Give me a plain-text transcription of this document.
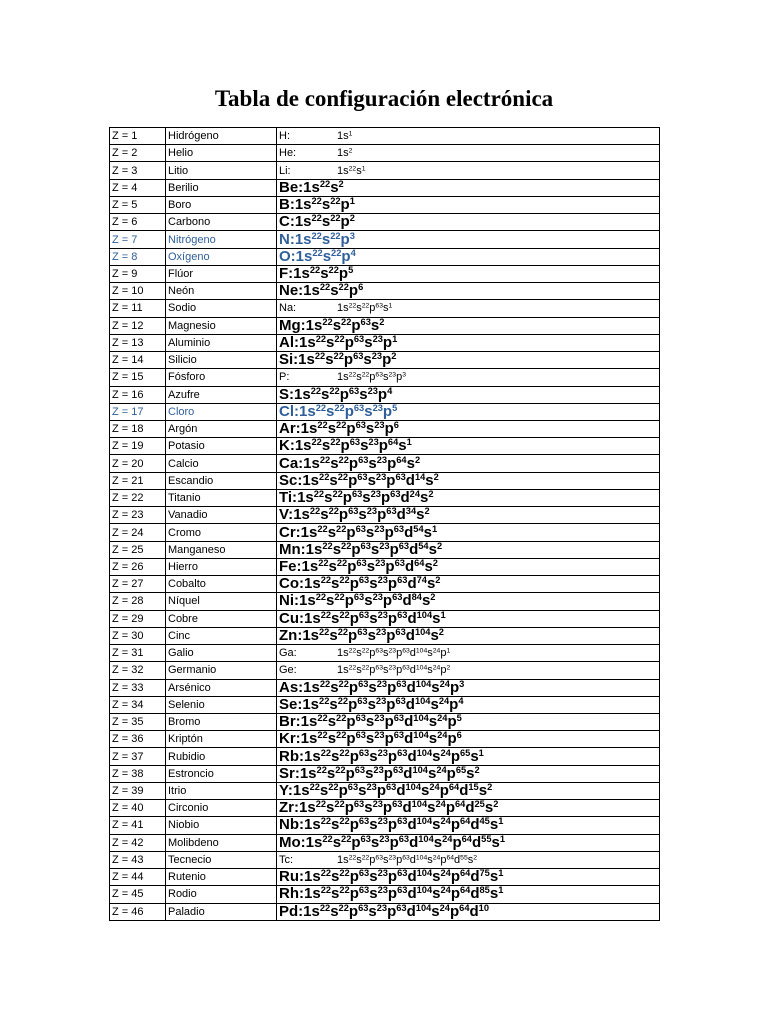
Tabla de configuración electrónica
Z = 1	Hidrógeno	H: $1s^1$
Z = 2	Helio	He: $1s^2$
Z = 3	Litio	Li: $1s^{22}s^1$
Z = 4	Berilio	$Be:1s^{22}s^2$
Z = 5	Boro	$B:1s^{22}s^{22}p^1$
Z = 6	Carbono	$C:1s^{22}s^{22}p^2$
Z = 7	Nitrógeno	$N:1s^{22}s^{22}p^3$
Z = 8	Oxígeno	$O:1s^{22}s^{22}p^4$
Z = 9	Flúor	$F:1s^{22}s^{22}p^5$
Z = 10	Neón	$Ne:1s^{22}s^{22}p^6$
Z = 11	Sodio	Na: $1s^{22}s^{22}p^{63}s^1$
Z = 12	Magnesio	$Mg:1s^{22}s^{22}p^{63}s^2$
Z = 13	Aluminio	$Al:1s^{22}s^{22}p^{63}s^{23}p^1$
Z = 14	Silicio	$Si:1s^{22}s^{22}p^{63}s^{23}p^2$
Z = 15	Fósforo	P: $1s^{22}s^{22}p^{63}s^{23}p^3$
Z = 16	Azufre	$S:1s^{22}s^{22}p^{63}s^{23}p^4$
Z = 17	Cloro	$Cl:1s^{22}s^{22}p^{63}s^{23}p^5$
Z = 18	Argón	$Ar:1s^{22}s^{22}p^{63}s^{23}p^6$
Z = 19	Potasio	$K:1s^{22}s^{22}p^{63}s^{23}p^{64}s^1$
Z = 20	Calcio	$Ca:1s^{22}s^{22}p^{63}s^{23}p^{64}s^2$
Z = 21	Escandio	$Sc:1s^{22}s^{22}p^{63}s^{23}p^{63}d^{14}s^2$
Z = 22	Titanio	$Ti:1s^{22}s^{22}p^{63}s^{23}p^{63}d^{24}s^2$
Z = 23	Vanadio	$V:1s^{22}s^{22}p^{63}s^{23}p^{63}d^{34}s^2$
Z = 24	Cromo	$Cr:1s^{22}s^{22}p^{63}s^{23}p^{63}d^{54}s^1$
Z = 25	Manganeso	$Mn:1s^{22}s^{22}p^{63}s^{23}p^{63}d^{54}s^2$
Z = 26	Hierro	$Fe:1s^{22}s^{22}p^{63}s^{23}p^{63}d^{64}s^2$
Z = 27	Cobalto	$Co:1s^{22}s^{22}p^{63}s^{23}p^{63}d^{74}s^2$
Z = 28	Níquel	$Ni:1s^{22}s^{22}p^{63}s^{23}p^{63}d^{84}s^2$
Z = 29	Cobre	$Cu:1s^{22}s^{22}p^{63}s^{23}p^{63}d^{104}s^1$
Z = 30	Cinc	$Zn:1s^{22}s^{22}p^{63}s^{23}p^{63}d^{104}s^2$
Z = 31	Galio	Ga: $1s^{22}s^{22}p^{63}s^{23}p^{63}d^{104}s^{24}p^1$
Z = 32	Germanio	Ge: $1s^{22}s^{22}p^{63}s^{23}p^{63}d^{104}s^{24}p^2$
Z = 33	Arsénico	$As:1s^{22}s^{22}p^{63}s^{23}p^{63}d^{104}s^{24}p^3$
Z = 34	Selenio	$Se:1s^{22}s^{22}p^{63}s^{23}p^{63}d^{104}s^{24}p^4$
Z = 35	Bromo	$Br:1s^{22}s^{22}p^{63}s^{23}p^{63}d^{104}s^{24}p^5$
Z = 36	Kriptón	$Kr:1s^{22}s^{22}p^{63}s^{23}p^{63}d^{104}s^{24}p^6$
Z = 37	Rubidio	$Rb:1s^{22}s^{22}p^{63}s^{23}p^{63}d^{104}s^{24}p^{65}s^1$
Z = 38	Estroncio	$Sr:1s^{22}s^{22}p^{63}s^{23}p^{63}d^{104}s^{24}p^{65}s^2$
Z = 39	Itrio	$Y:1s^{22}s^{22}p^{63}s^{23}p^{63}d^{104}s^{24}p^{64}d^{15}s^2$
Z = 40	Circonio	$Zr:1s^{22}s^{22}p^{63}s^{23}p^{63}d^{104}s^{24}p^{64}d^{25}s^2$
Z = 41	Niobio	$Nb:1s^{22}s^{22}p^{63}s^{23}p^{63}d^{104}s^{24}p^{64}d^{45}s^1$
Z = 42	Molibdeno	$Mo:1s^{22}s^{22}p^{63}s^{23}p^{63}d^{104}s^{24}p^{64}d^{55}s^1$
Z = 43	Tecnecio	Tc: $1s^{22}s^{22}p^{63}s^{23}p^{63}d^{104}s^{24}p^{64}d^{55}s^2$
Z = 44	Rutenio	$Ru:1s^{22}s^{22}p^{63}s^{23}p^{63}d^{104}s^{24}p^{64}d^{75}s^1$
Z = 45	Rodio	$Rh:1s^{22}s^{22}p^{63}s^{23}p^{63}d^{104}s^{24}p^{64}d^{85}s^1$
Z = 46	Paladio	$Pd:1s^{22}s^{22}p^{63}s^{23}p^{63}d^{104}s^{24}p^{64}d^{10}$
